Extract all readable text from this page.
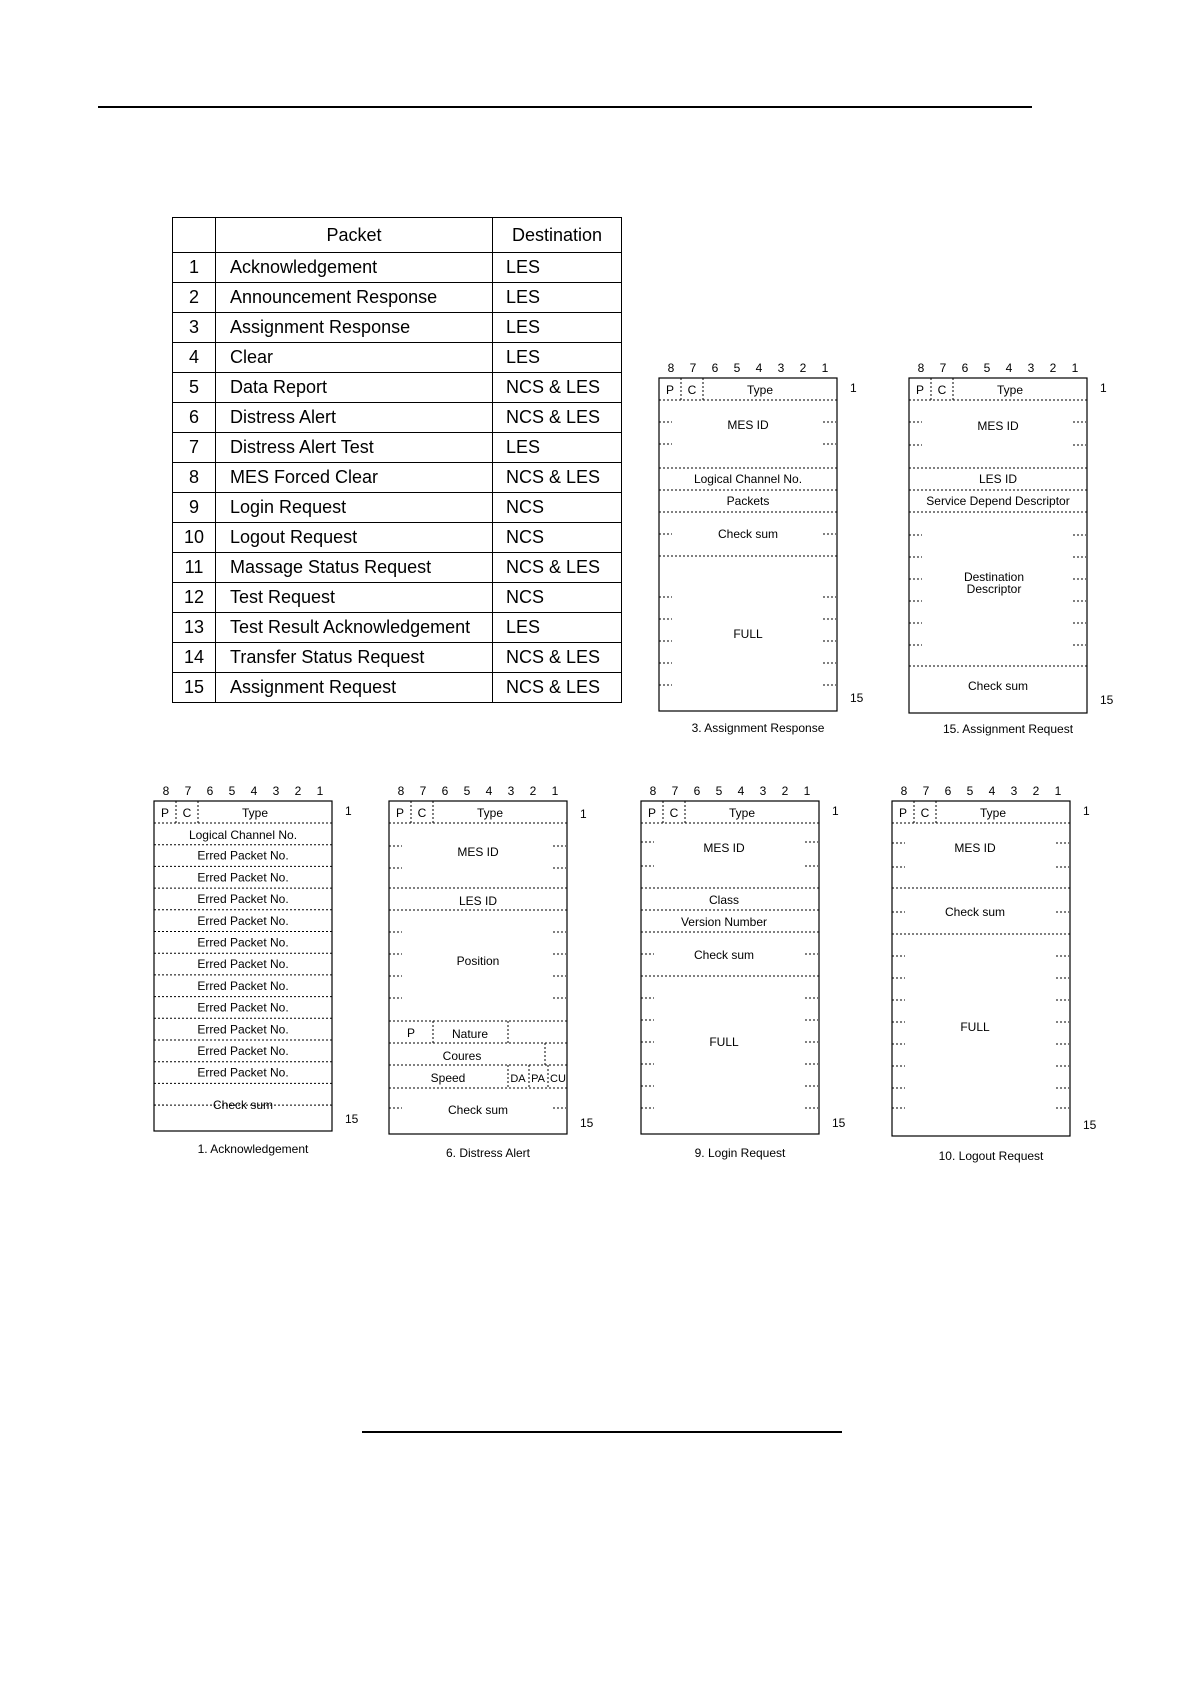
	Packet	Destination
1	Acknowledgement	LES
2	Announcement Response	LES
3	Assignment Response	LES
4	Clear	LES
5	Data Report	NCS & LES
6	Distress Alert	NCS & LES
7	Distress Alert Test	LES
8	MES Forced Clear	NCS & LES
9	Login Request	NCS
10	Logout Request	NCS
11	Massage Status Request	NCS & LES
12	Test Request	NCS
13	Test Result Acknowledgement	LES
14	Transfer Status Request	NCS & LES
15	Assignment Request	NCS & LES
8 7 6 5 4 3 2 1
P C	Type	1
15
MES ID
Logical Channel No.
Packets
Check sum
FULL
3. Assignment Response
8 7 6 5 4 3 2 1
P C	Type	1
15
MES ID
LES ID
Service Depend Descriptor
Destination
Descriptor
Check sum
15. Assignment Request
8 7 6 5 4 3 2 1
P C	Type	1
15
Erred Packet No.
Erred Packet No.
Erred Packet No.
Erred Packet No.
Erred Packet No.
Erred Packet No.
Erred Packet No.
Erred Packet No.
Erred Packet No.
Erred Packet No.
Erred Packet No.
Logical Channel No.
Check sum
1. Acknowledgement
8 7 6 5 4 3 2 1
P C	Type	1
15
MES ID
LES ID
Position
P	Nature
Coures
Speed	DA PA CU
Check sum
6. Distress Alert
8 7 6 5 4 3 2 1
P C	Type	1
15
MES ID
Class
Version Number
Check sum
FULL
9. Login Request
8 7 6 5 4 3 2 1
P C	Type	1
15
MES ID
Check sum
FULL
10. Logout Request
